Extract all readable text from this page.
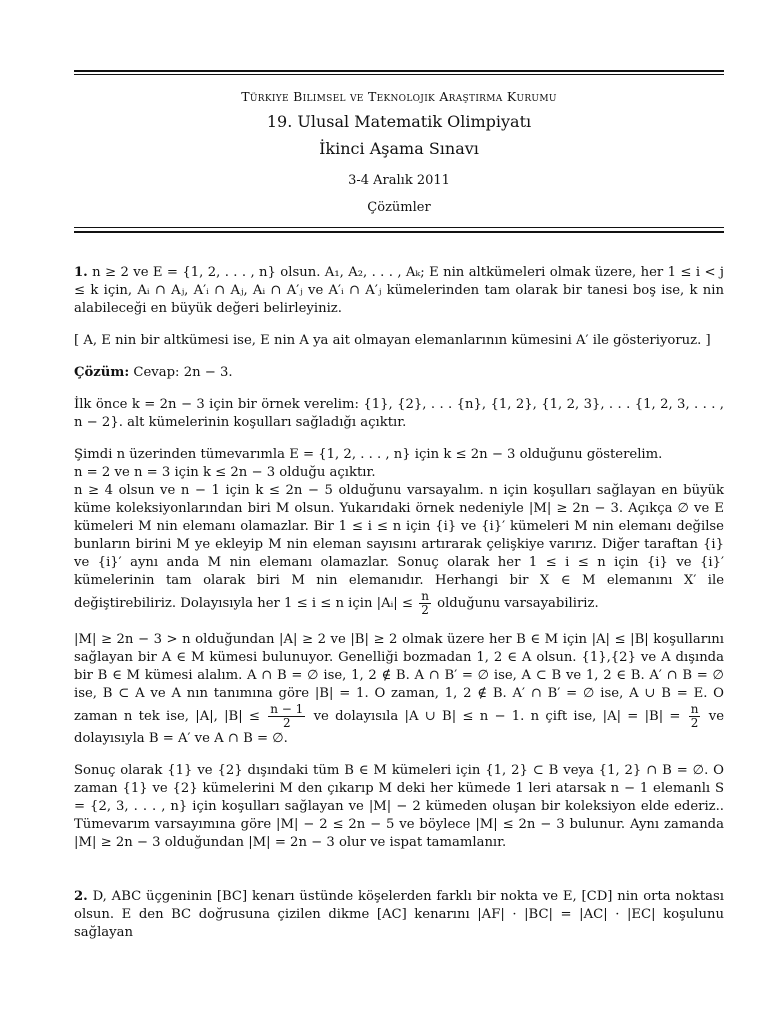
Türkiye Bilimsel ve Teknolojik Araştırma Kurumu
19. Ulusal Matematik Olimpiyatı
İkinci Aşama Sınavı
3-4 Aralık 2011
Çözümler

1. n ≥ 2 ve E = {1, 2, . . . , n} olsun. A₁, A₂, . . . , Aₖ; E nin altkümeleri olmak üzere, her 1 ≤ i < j ≤ k için, Aᵢ ∩ Aⱼ, A′ᵢ ∩ Aⱼ, Aᵢ ∩ A′ⱼ ve A′ᵢ ∩ A′ⱼ kümelerinden tam olarak bir tanesi boş ise, k nin alabileceği en büyük değeri belirleyiniz.

[ A, E nin bir altkümesi ise, E nin A ya ait olmayan elemanlarının kümesini A′ ile gösteriyoruz. ]

Çözüm: Cevap: 2n − 3.

İlk önce k = 2n − 3 için bir örnek verelim: {1}, {2}, . . . {n}, {1, 2}, {1, 2, 3}, . . . {1, 2, 3, . . . , n − 2}. alt kümelerinin koşulları sağladığı açıktır.

Şimdi n üzerinden tümevarımla E = {1, 2, . . . , n} için k ≤ 2n − 3 olduğunu gösterelim.

n = 2 ve n = 3 için k ≤ 2n − 3 olduğu açıktır.

n ≥ 4 olsun ve n − 1 için k ≤ 2n − 5 olduğunu varsayalım. n için koşulları sağlayan en büyük küme koleksiyonlarından biri M olsun. Yukarıdaki örnek nedeniyle |M| ≥ 2n − 3. Açıkça ∅ ve E kümeleri M nin elemanı olamazlar. Bir 1 ≤ i ≤ n için {i} ve {i}′ kümeleri M nin elemanı değilse bunların birini M ye ekleyip M nin eleman sayısını artırarak çelişkiye varırız. Diğer taraftan {i} ve {i}′ aynı anda M nin elemanı olamazlar. Sonuç olarak her 1 ≤ i ≤ n için {i} ve {i}′ kümelerinin tam olarak biri M nin elemanıdır. Herhangi bir X ∈ M elemanını X′ ile değiştirebiliriz. Dolayısıyla her 1 ≤ i ≤ n için |Aᵢ| ≤ $\frac{n}{2}$ olduğunu varsayabiliriz.

|M| ≥ 2n − 3 > n olduğundan |A| ≥ 2 ve |B| ≥ 2 olmak üzere her B ∈ M için |A| ≤ |B| koşullarını sağlayan bir A ∈ M kümesi bulunuyor. Genelliği bozmadan 1, 2 ∈ A olsun. {1},{2} ve A dışında bir B ∈ M kümesi alalım. A ∩ B = ∅ ise, 1, 2 ∉ B. A ∩ B′ = ∅ ise, A ⊂ B ve 1, 2 ∈ B. A′ ∩ B = ∅ ise, B ⊂ A ve A nın tanımına göre |B| = 1. O zaman, 1, 2 ∉ B. A′ ∩ B′ = ∅ ise, A ∪ B = E. O zaman n tek ise, |A|, $|B| \le \frac{n - 1}{2}$ ve dolayısıla |A ∪ B| ≤ n − 1. n çift ise, $|A| = |B| = \frac{n}{2}$ ve dolayısıyla B = A′ ve A ∩ B = ∅.

Sonuç olarak {1} ve {2} dışındaki tüm B ∈ M kümeleri için {1, 2} ⊂ B veya {1, 2} ∩ B = ∅. O zaman {1} ve {2} kümelerini M den çıkarıp M deki her kümede 1 leri atarsak n − 1 elemanlı S = {2, 3, . . . , n} için koşulları sağlayan ve |M| − 2 kümeden oluşan bir koleksiyon elde ederiz.. Tümevarım varsayımına göre |M| − 2 ≤ 2n − 5 ve böylece |M| ≤ 2n − 3 bulunur. Aynı zamanda |M| ≥ 2n − 3 olduğundan |M| = 2n − 3 olur ve ispat tamamlanır.

2. D, ABC üçgeninin [BC] kenarı üstünde köşelerden farklı bir nokta ve E, [CD] nin orta noktası olsun. E den BC doğrusuna çizilen dikme [AC] kenarını |AF| · |BC| = |AC| · |EC| koşulunu sağlayan
